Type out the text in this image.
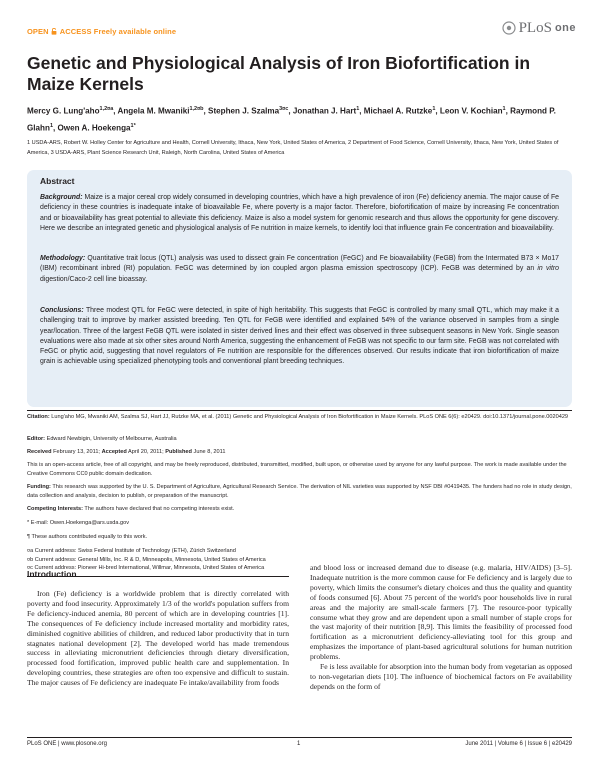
OPEN ACCESS Freely available online	PLoS one
Genetic and Physiological Analysis of Iron Biofortification in Maize Kernels
Mercy G. Lung'aho$^{1,2¤a}$, Angela M. Mwaniki$^{1,2¤b}$, Stephen J. Szalma$^{3¤c}$, Jonathan J. Hart$^1$, Michael A. Rutzke$^1$, Leon V. Kochian$^1$, Raymond P. Glahn$^1$, Owen A. Hoekenga$^{1*}$
1 USDA-ARS, Robert W. Holley Center for Agriculture and Health, Cornell University, Ithaca, New York, United States of America, 2 Department of Food Science, Cornell University, Ithaca, New York, United States of America, 3 USDA-ARS, Plant Science Research Unit, Raleigh, North Carolina, United States of America
Abstract
Background: Maize is a major cereal crop widely consumed in developing countries, which have a high prevalence of iron (Fe) deficiency anemia. The major cause of Fe deficiency in these countries is inadequate intake of bioavailable Fe, where poverty is a major factor. Therefore, biofortification of maize by increasing Fe concentration and or bioavailability has great potential to alleviate this deficiency. Maize is also a model system for genomic research and thus allows the opportunity for gene discovery. Here we describe an integrated genetic and physiological analysis of Fe nutrition in maize kernels, to identify loci that influence grain Fe concentration and bioavailability.
Methodology: Quantitative trait locus (QTL) analysis was used to dissect grain Fe concentration (FeGC) and Fe bioavailability (FeGB) from the Intermated B73 × Mo17 (IBM) recombinant inbred (RI) population. FeGC was determined by ion coupled argon plasma emission spectroscopy (ICP). FeGB was determined by an in vitro digestion/Caco-2 cell line bioassay.
Conclusions: Three modest QTL for FeGC were detected, in spite of high heritability. This suggests that FeGC is controlled by many small QTL, which may make it a challenging trait to improve by marker assisted breeding. Ten QTL for FeGB were identified and explained 54% of the variance observed in samples from a single year/location. Three of the largest FeGB QTL were isolated in sister derived lines and their effect was observed in three subsequent seasons in New York. Single season evaluations were also made at six other sites around North America, suggesting the enhancement of FeGB was not specific to our farm site. FeGB was not correlated with FeGC or phytic acid, suggesting that novel regulators of Fe nutrition are responsible for the differences observed. Our results indicate that iron biofortification of maize grain is achievable using specialized phenotyping tools and conventional plant breeding techniques.
Citation: Lung'aho MG, Mwaniki AM, Szalma SJ, Hart JJ, Rutzke MA, et al. (2011) Genetic and Physiological Analysis of Iron Biofortification in Maize Kernels. PLoS ONE 6(6): e20429. doi:10.1371/journal.pone.0020429
Editor: Edward Newbigin, University of Melbourne, Australia
Received February 13, 2011; Accepted April 20, 2011; Published June 8, 2011
This is an open-access article, free of all copyright, and may be freely reproduced, distributed, transmitted, modified, built upon, or otherwise used by anyone for any lawful purpose. The work is made available under the Creative Commons CC0 public domain dedication.
Funding: This research was supported by the U. S. Department of Agriculture, Agricultural Research Service. The derivation of NIL varieties was supported by NSF DBI #0419435. The funders had no role in study design, data collection and analysis, decision to publish, or preparation of the manuscript.
Competing Interests: The authors have declared that no competing interests exist.
* E-mail: Owen.Hoekenga@ars.usda.gov
¶ These authors contributed equally to this work.
¤a Current address: Swiss Federal Institute of Technology (ETH), Zürich Switzerland
¤b Current address: General Mills, Inc. R & D, Minneapolis, Minnesota, United States of America
¤c Current address: Pioneer Hi-bred International, Willmar, Minnesota, United States of America
Introduction
Iron (Fe) deficiency is a worldwide problem that is directly correlated with poverty and food insecurity. Approximately 1/3 of the world's population suffers from Fe deficiency-induced anemia, 80 percent of which are in developing countries [1]. The consequences of Fe deficiency include increased mortality and morbidity rates, diminished cognitive abilities of children, and reduced labor productivity that in turn stagnates national development [2]. The developed world has made tremendous success in alleviating micronutrient deficiencies through dietary diversification, processed food fortification, improved public health care and supplementation. In developing countries, these strategies are often too expensive and difficult to sustain. The major causes of Fe deficiency are inadequate Fe intake/availability from foods
and blood loss or increased demand due to disease (e.g. malaria, HIV/AIDS) [3–5]. Inadequate nutrition is the more common cause for Fe deficiency and is largely due to poverty, which limits the consumer's dietary choices and thus the quality and quantity of foods consumed [6]. About 75 percent of the world's poor households live in rural areas and the majority are small-scale farmers [7]. The resource-poor typically consume what they grow and are dependent upon a small number of staple crops for the vast majority of their nutrition [8,9]. This limits the feasibility of processed food fortification as a micronutrient deficiency-alleviating tool for this group and emphasizes the importance of plant-based agricultural solutions for human nutrition problems.
Fe is less available for absorption into the human body from vegetarian as opposed to non-vegetarian diets [10]. The influence of biochemical factors on Fe availability depends on the form of
PLoS ONE | www.plosone.org	1	June 2011 | Volume 6 | Issue 6 | e20429
